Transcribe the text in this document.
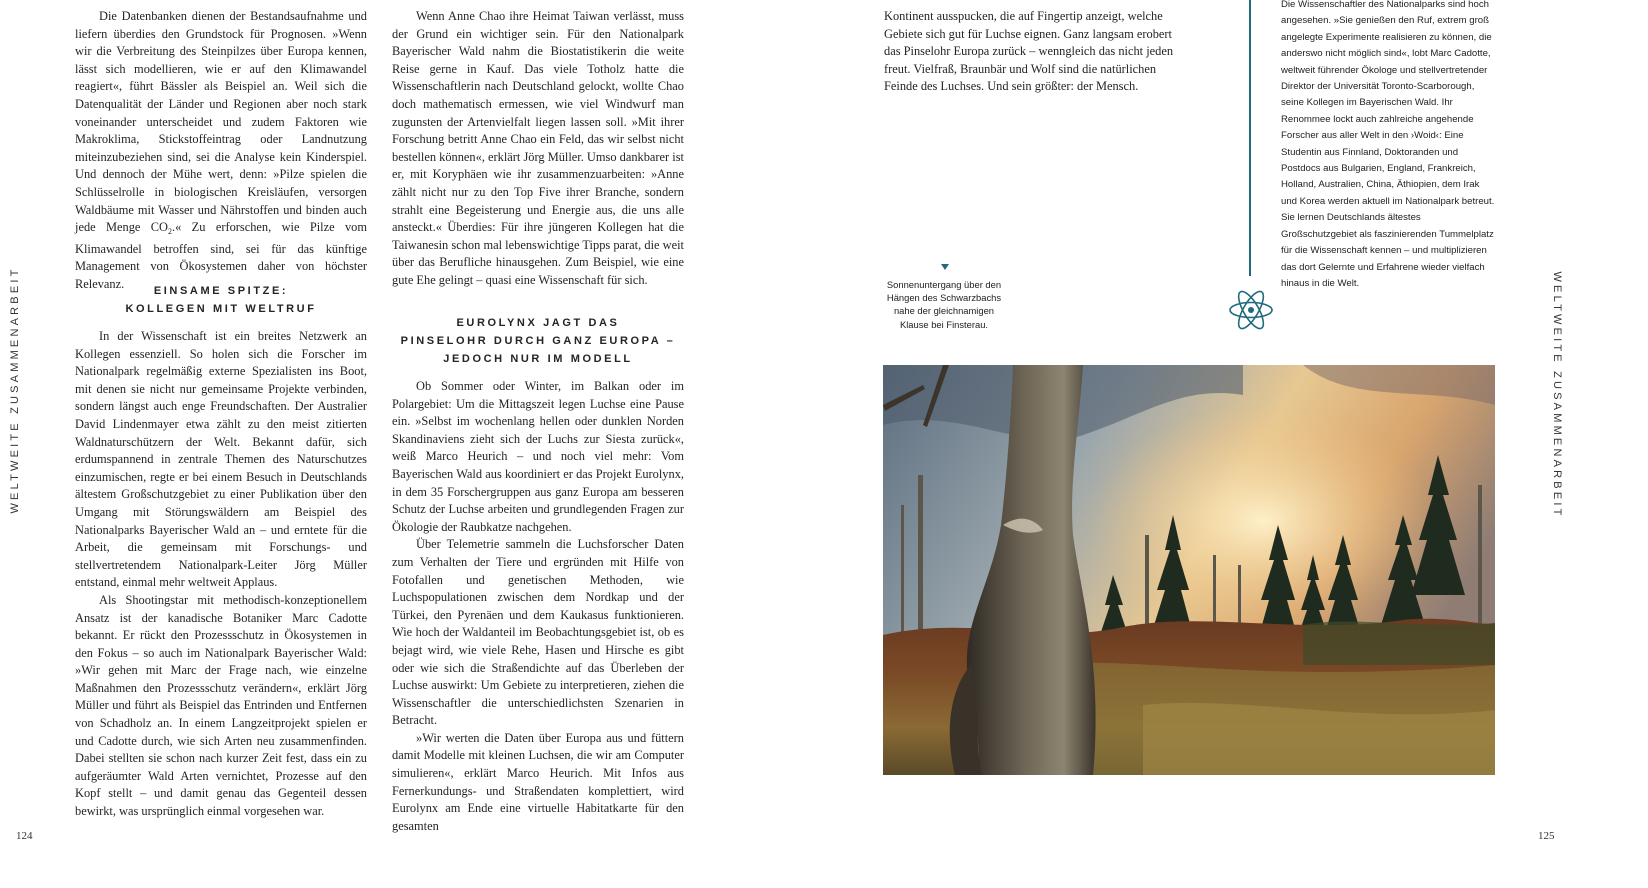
WELTWEITE ZUSAMMENARBEIT

Die Datenbanken dienen der Bestandsaufnahme und liefern überdies den Grundstock für Prognosen. »Wenn wir die Verbreitung des Steinpilzes über Europa kennen, lässt sich modellieren, wie er auf den Klimawandel reagiert«, führt Bässler als Beispiel an. Weil sich die Datenqualität der Länder und Regionen aber noch stark voneinander unterscheidet und zudem Faktoren wie Makroklima, Stickstoffeintrag oder Landnutzung miteinzubeziehen sind, sei die Analyse kein Kinderspiel. Und dennoch der Mühe wert, denn: »Pilze spielen die Schlüsselrolle in biologischen Kreisläufen, versorgen Waldbäume mit Wasser und Nährstoffen und binden auch jede Menge $CO_2.«$ Zu erforschen, wie Pilze vom Klimawandel betroffen sind, sei für das künftige Management von Ökosystemen daher von höchster Relevanz.

EINSAME SPITZE:
KOLLEGEN MIT WELTRUF

In der Wissenschaft ist ein breites Netzwerk an Kollegen essenziell. So holen sich die Forscher im Nationalpark regelmäßig externe Spezialisten ins Boot, mit denen sie nicht nur gemeinsame Projekte verbinden, sondern längst auch enge Freundschaften. Der Australier David Lindenmayer etwa zählt zu den meist zitierten Waldnaturschützern der Welt. Bekannt dafür, sich erdumspannend in zentrale Themen des Naturschutzes einzumischen, regte er bei einem Besuch in Deutschlands ältestem Großschutzgebiet zu einer Publikation über den Umgang mit Störungswäldern am Beispiel des Nationalparks Bayerischer Wald an – und erntete für die Arbeit, die gemeinsam mit Forschungs- und stellvertretendem Nationalpark-Leiter Jörg Müller entstand, einmal mehr weltweit Applaus.

Als Shootingstar mit methodisch-konzeptionellem Ansatz ist der kanadische Botaniker Marc Cadotte bekannt. Er rückt den Prozessschutz in Ökosystemen in den Fokus – so auch im Nationalpark Bayerischer Wald: »Wir gehen mit Marc der Frage nach, wie einzelne Maßnahmen den Prozessschutz verändern«, erklärt Jörg Müller und führt als Beispiel das Entrinden und Entfernen von Schadholz an. In einem Langzeitprojekt spielen er und Cadotte durch, wie sich Arten neu zusammenfinden. Dabei stellten sie schon nach kurzer Zeit fest, dass ein zu aufgeräumter Wald Arten vernichtet, Prozesse auf den Kopf stellt – und damit genau das Gegenteil dessen bewirkt, was ursprünglich einmal vorgesehen war.

Wenn Anne Chao ihre Heimat Taiwan verlässt, muss der Grund ein wichtiger sein. Für den Nationalpark Bayerischer Wald nahm die Biostatistikerin die weite Reise gerne in Kauf. Das viele Totholz hatte die Wissenschaftlerin nach Deutschland gelockt, wollte Chao doch mathematisch ermessen, wie viel Windwurf man zugunsten der Artenvielfalt liegen lassen soll. »Mit ihrer Forschung betritt Anne Chao ein Feld, das wir selbst nicht bestellen können«, erklärt Jörg Müller. Umso dankbarer ist er, mit Koryphäen wie ihr zusammenzuarbeiten: »Anne zählt nicht nur zu den Top Five ihrer Branche, sondern strahlt eine Begeisterung und Energie aus, die uns alle ansteckt.« Überdies: Für ihre jüngeren Kollegen hat die Taiwanesin schon mal lebenswichtige Tipps parat, die weit über das Berufliche hinausgehen. Zum Beispiel, wie eine gute Ehe gelingt – quasi eine Wissenschaft für sich.

EUROLYNX JAGT DAS
PINSELOHR DURCH GANZ EUROPA –
JEDOCH NUR IM MODELL

Ob Sommer oder Winter, im Balkan oder im Polargebiet: Um die Mittagszeit legen Luchse eine Pause ein. »Selbst im wochenlang hellen oder dunklen Norden Skandinaviens zieht sich der Luchs zur Siesta zurück«, weiß Marco Heurich – und noch viel mehr: Vom Bayerischen Wald aus koordiniert er das Projekt Eurolynx, in dem 35 Forschergruppen aus ganz Europa am besseren Schutz der Luchse arbeiten und grundlegenden Fragen zur Ökologie der Raubkatze nachgehen.

Über Telemetrie sammeln die Luchsforscher Daten zum Verhalten der Tiere und ergründen mit Hilfe von Fotofallen und genetischen Methoden, wie Luchspopulationen zwischen dem Nordkap und der Türkei, den Pyrenäen und dem Kaukasus funktionieren. Wie hoch der Waldanteil im Beobachtungsgebiet ist, ob es bejagt wird, wie viele Rehe, Hasen und Hirsche es gibt oder wie sich die Straßendichte auf das Überleben der Luchse auswirkt: Um Gebiete zu interpretieren, ziehen die Wissenschaftler die unterschiedlichsten Szenarien in Betracht.

»Wir werten die Daten über Europa aus und füttern damit Modelle mit kleinen Luchsen, die wir am Computer simulieren«, erklärt Marco Heurich. Mit Infos aus Fernerkundungs- und Straßendaten komplettiert, wird Eurolynx am Ende eine virtuelle Habitatkarte für den gesamten

Kontinent ausspucken, die auf Fingertip anzeigt, welche Gebiete sich gut für Luchse eignen. Ganz langsam erobert das Pinselohr Europa zurück – wenngleich das nicht jeden freut. Vielfraß, Braunbär und Wolf sind die natürlichen Feinde des Luchses. Und sein größter: der Mensch.

Sonnenuntergang über den
Hängen des Schwarzbachs
nahe der gleichnamigen
Klause bei Finsterau.
Die Wissenschaftler des Nationalparks sind hoch angesehen. »Sie genießen den Ruf, extrem groß angelegte Experimente realisieren zu können, die anderswo nicht möglich sind«, lobt Marc Cadotte, weltweit führender Ökologe und stellvertretender Direktor der Universität Toronto-Scarborough, seine Kollegen im Bayerischen Wald. Ihr Renommee lockt auch zahlreiche angehende Forscher aus aller Welt in den ›Woid‹: Eine Studentin aus Finnland, Doktoranden und Postdocs aus Bulgarien, England, Frankreich, Holland, Australien, China, Äthiopien, dem Irak und Korea werden aktuell im Nationalpark betreut. Sie lernen Deutschlands ältestes Großschutzgebiet als faszinierenden Tummelplatz für die Wissenschaft kennen – und multiplizieren das dort Gelernte und Erfahrene wieder vielfach hinaus in die Welt.	WELTWEITE ZUSAMMENARBEIT
124	125
